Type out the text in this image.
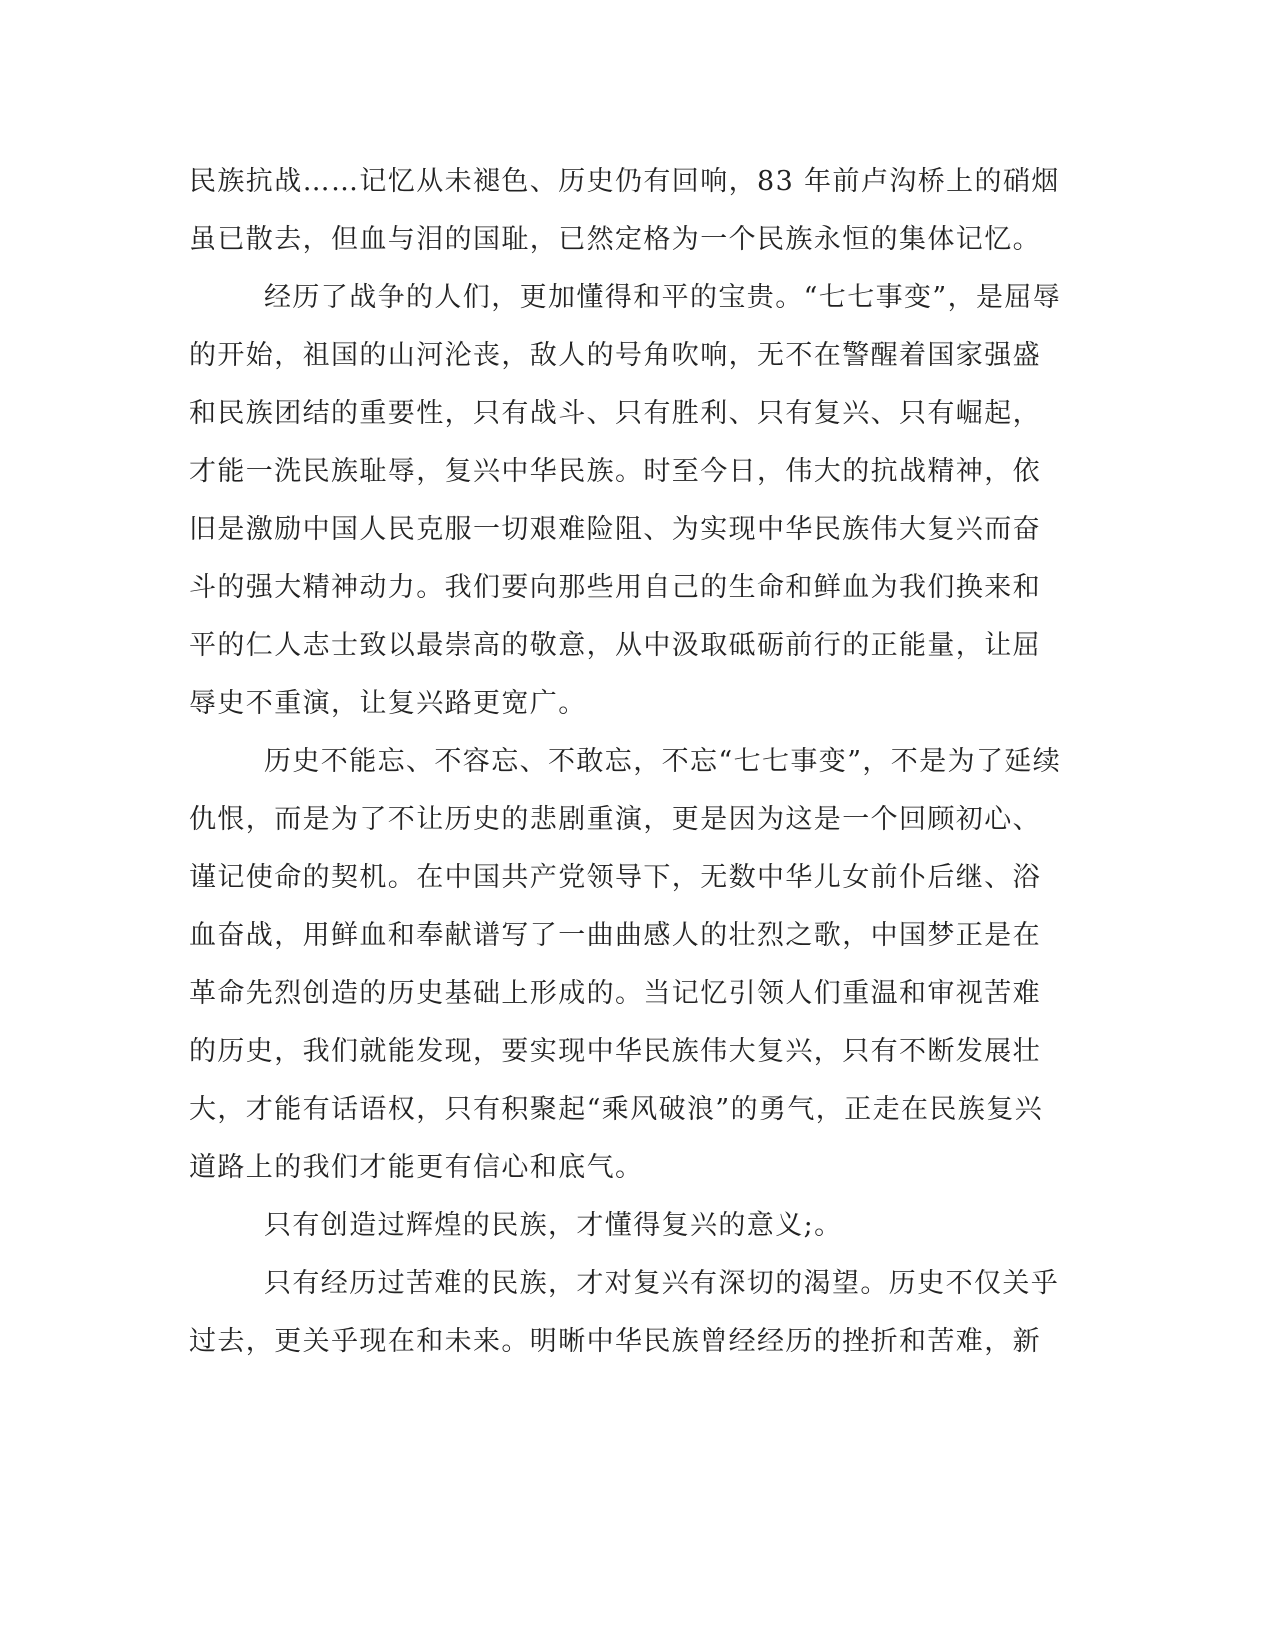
民族抗战……记忆从未褪色、历史仍有回响，83 年前卢沟桥上的硝烟
虽已散去，但血与泪的国耻，已然定格为一个民族永恒的集体记忆。
经历了战争的人们，更加懂得和平的宝贵。“七七事变”，是屈辱
的开始，祖国的山河沦丧，敌人的号角吹响，无不在警醒着国家强盛
和民族团结的重要性，只有战斗、只有胜利、只有复兴、只有崛起，
才能一洗民族耻辱，复兴中华民族。时至今日，伟大的抗战精神，依
旧是激励中国人民克服一切艰难险阻、为实现中华民族伟大复兴而奋
斗的强大精神动力。我们要向那些用自己的生命和鲜血为我们换来和
平的仁人志士致以最崇高的敬意，从中汲取砥砺前行的正能量，让屈
辱史不重演，让复兴路更宽广。
历史不能忘、不容忘、不敢忘，不忘“七七事变”，不是为了延续
仇恨，而是为了不让历史的悲剧重演，更是因为这是一个回顾初心、
谨记使命的契机。在中国共产党领导下，无数中华儿女前仆后继、浴
血奋战，用鲜血和奉献谱写了一曲曲感人的壮烈之歌，中国梦正是在
革命先烈创造的历史基础上形成的。当记忆引领人们重温和审视苦难
的历史，我们就能发现，要实现中华民族伟大复兴，只有不断发展壮
大，才能有话语权，只有积聚起“乘风破浪”的勇气，正走在民族复兴
道路上的我们才能更有信心和底气。
只有创造过辉煌的民族，才懂得复兴的意义;。
只有经历过苦难的民族，才对复兴有深切的渴望。历史不仅关乎
过去，更关乎现在和未来。明晰中华民族曾经经历的挫折和苦难，新
